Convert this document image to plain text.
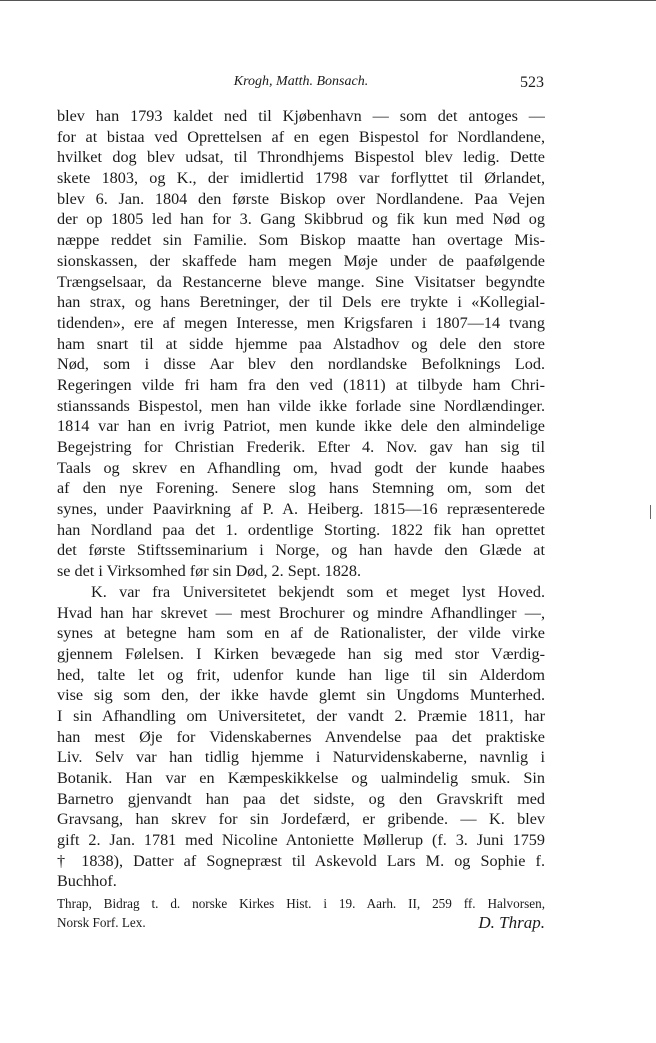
Krogh, Matth. Bonsach.	523
blev han 1793 kaldet ned til Kjøbenhavn — som det antoges —
for at bistaa ved Oprettelsen af en egen Bispestol for Nordlandene,
hvilket dog blev udsat, til Throndhjems Bispestol blev ledig. Dette
skete 1803, og K., der imidlertid 1798 var forflyttet til Ørlandet,
blev 6. Jan. 1804 den første Biskop over Nordlandene. Paa Vejen
der op 1805 led han for 3. Gang Skibbrud og fik kun med Nød og
næppe reddet sin Familie. Som Biskop maatte han overtage Mis-
sionskassen, der skaffede ham megen Møje under de paafølgende
Trængselsaar, da Restancerne bleve mange. Sine Visitatser begyndte
han strax, og hans Beretninger, der til Dels ere trykte i «Kollegial-
tidenden», ere af megen Interesse, men Krigsfaren i 1807—14 tvang
ham snart til at sidde hjemme paa Alstadhov og dele den store
Nød, som i disse Aar blev den nordlandske Befolknings Lod.
Regeringen vilde fri ham fra den ved (1811) at tilbyde ham Chri-
stianssands Bispestol, men han vilde ikke forlade sine Nordlændinger.
1814 var han en ivrig Patriot, men kunde ikke dele den almindelige
Begejstring for Christian Frederik. Efter 4. Nov. gav han sig til
Taals og skrev en Afhandling om, hvad godt der kunde haabes
af den nye Forening. Senere slog hans Stemning om, som det
synes, under Paavirkning af P. A. Heiberg. 1815—16 repræsenterede
han Nordland paa det 1. ordentlige Storting. 1822 fik han oprettet
det første Stiftsseminarium i Norge, og han havde den Glæde at
se det i Virksomhed før sin Død, 2. Sept. 1828.
K. var fra Universitetet bekjendt som et meget lyst Hoved.
Hvad han har skrevet — mest Brochurer og mindre Afhandlinger —,
synes at betegne ham som en af de Rationalister, der vilde virke
gjennem Følelsen. I Kirken bevægede han sig med stor Værdig-
hed, talte let og frit, udenfor kunde han lige til sin Alderdom
vise sig som den, der ikke havde glemt sin Ungdoms Munterhed.
I sin Afhandling om Universitetet, der vandt 2. Præmie 1811, har
han mest Øje for Videnskabernes Anvendelse paa det praktiske
Liv. Selv var han tidlig hjemme i Naturvidenskaberne, navnlig i
Botanik. Han var en Kæmpeskikkelse og ualmindelig smuk. Sin
Barnetro gjenvandt han paa det sidste, og den Gravskrift med
Gravsang, han skrev for sin Jordefærd, er gribende. — K. blev
gift 2. Jan. 1781 med Nicoline Antoniette Møllerup (f. 3. Juni 1759
† 1838), Datter af Sognepræst til Askevold Lars M. og Sophie f.
Buchhof.
Thrap, Bidrag t. d. norske Kirkes Hist. i 19. Aarh. II, 259 ff. Halvorsen,
Norsk Forf. Lex.	D. Thrap.
